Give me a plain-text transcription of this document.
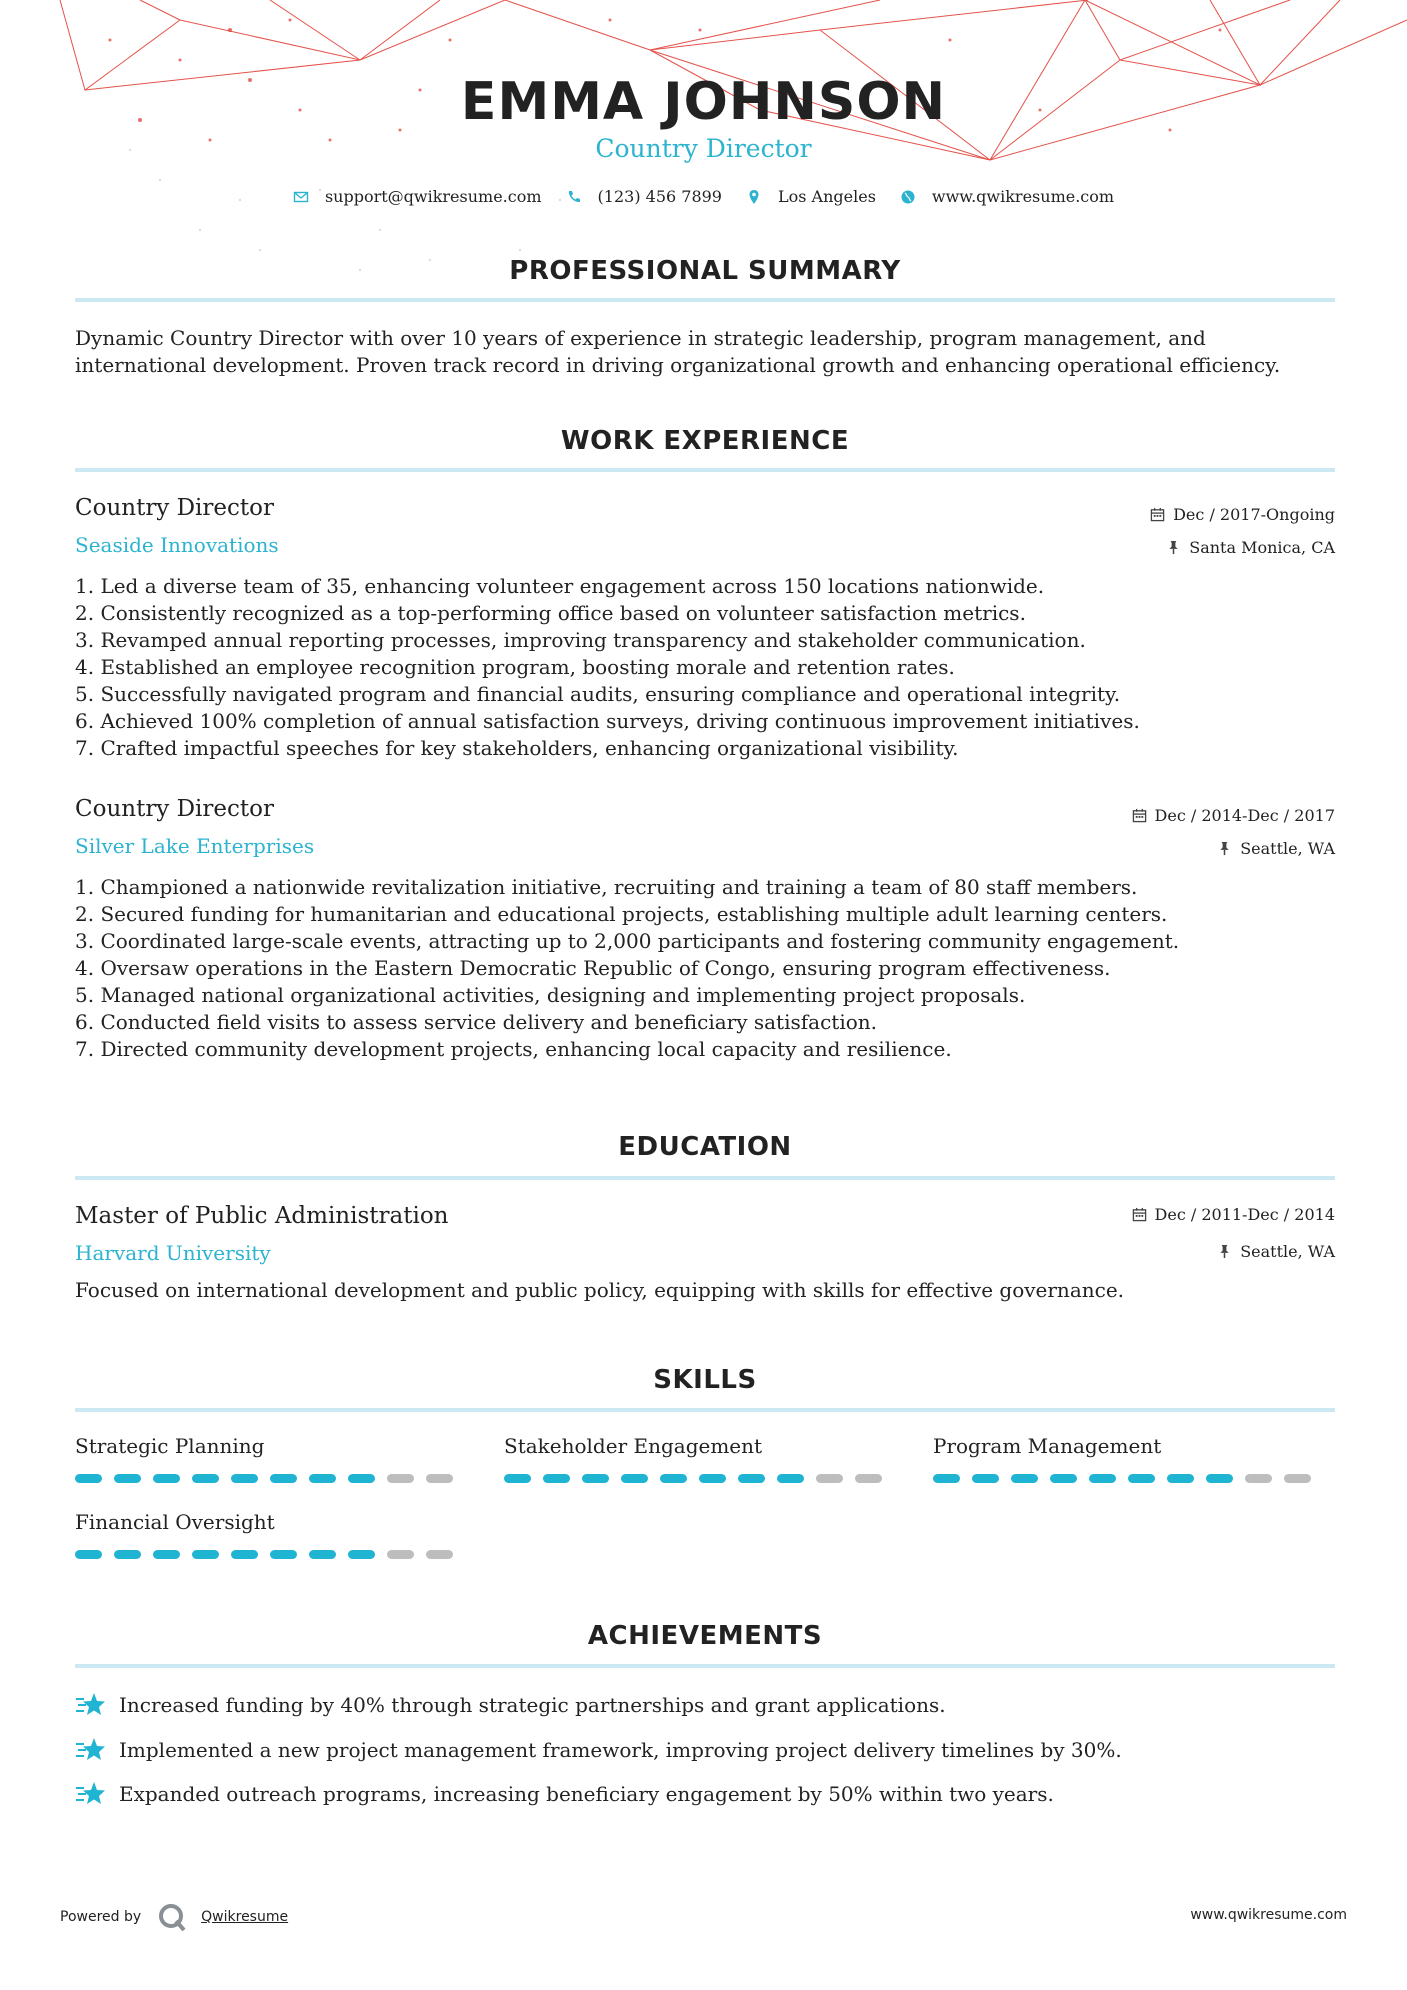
EMMA JOHNSON
Country Director
support@qwikresume.com	(123) 456 7899	Los Angeles	www.qwikresume.com
PROFESSIONAL SUMMARY
Dynamic Country Director with over 10 years of experience in strategic leadership, program management, and international development. Proven track record in driving organizational growth and enhancing operational efficiency.
WORK EXPERIENCE
Country Director
Seaside Innovations
Dec / 2017-Ongoing
Santa Monica, CA
1. Led a diverse team of 35, enhancing volunteer engagement across 150 locations nationwide.
2. Consistently recognized as a top-performing office based on volunteer satisfaction metrics.
3. Revamped annual reporting processes, improving transparency and stakeholder communication.
4. Established an employee recognition program, boosting morale and retention rates.
5. Successfully navigated program and financial audits, ensuring compliance and operational integrity.
6. Achieved 100% completion of annual satisfaction surveys, driving continuous improvement initiatives.
7. Crafted impactful speeches for key stakeholders, enhancing organizational visibility.
Country Director
Silver Lake Enterprises
Dec / 2014-Dec / 2017
Seattle, WA
1. Championed a nationwide revitalization initiative, recruiting and training a team of 80 staff members.
2. Secured funding for humanitarian and educational projects, establishing multiple adult learning centers.
3. Coordinated large-scale events, attracting up to 2,000 participants and fostering community engagement.
4. Oversaw operations in the Eastern Democratic Republic of Congo, ensuring program effectiveness.
5. Managed national organizational activities, designing and implementing project proposals.
6. Conducted field visits to assess service delivery and beneficiary satisfaction.
7. Directed community development projects, enhancing local capacity and resilience.
EDUCATION
Master of Public Administration
Harvard University
Dec / 2011-Dec / 2014
Seattle, WA
Focused on international development and public policy, equipping with skills for effective governance.
SKILLS
Strategic Planning	Stakeholder Engagement	Program Management
Financial Oversight
ACHIEVEMENTS
Increased funding by 40% through strategic partnerships and grant applications.
Implemented a new project management framework, improving project delivery timelines by 30%.
Expanded outreach programs, increasing beneficiary engagement by 50% within two years.
Powered by	Qwikresume	www.qwikresume.com
